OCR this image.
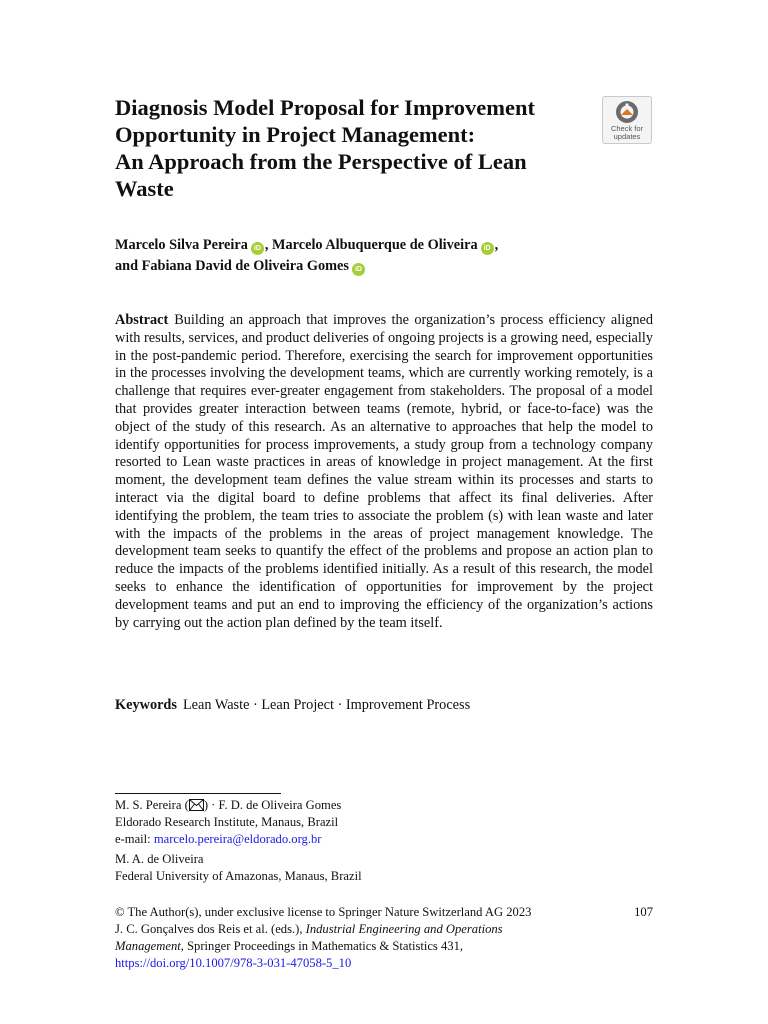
Diagnosis Model Proposal for Improvement
Opportunity in Project Management:
An Approach from the Perspective of Lean
Waste
Check for
updates
Marcelo Silva Pereira iD , Marcelo Albuquerque de Oliveira iD ,
and Fabiana David de Oliveira Gomes iD

Abstract Building an approach that improves the organization’s process efficiency aligned with results, services, and product deliveries of ongoing projects is a growing need, especially in the post-pandemic period. Therefore, exercising the search for improvement opportunities in the processes involving the development teams, which are currently working remotely, is a challenge that requires ever-greater engagement from stakeholders. The proposal of a model that provides greater interaction between teams (remote, hybrid, or face-to-face) was the object of the study of this research. As an alternative to approaches that help the model to identify opportunities for process improvements, a study group from a technology company resorted to Lean waste practices in areas of knowledge in project management. At the first moment, the development team defines the value stream within its processes and starts to interact via the digital board to define problems that affect its final deliveries. After identifying the problem, the team tries to associate the problem (s) with lean waste and later with the impacts of the problems in the areas of project management knowledge. The development team seeks to quantify the effect of the problems and propose an action plan to reduce the impacts of the problems identified initially. As a result of this research, the model seeks to enhance the identification of opportunities for improvement by the project development teams and put an end to improving the efficiency of the organization’s actions by carrying out the action plan defined by the team itself.

Keywords Lean Waste · Lean Project · Improvement Process
M. S. Pereira ( ) · F. D. de Oliveira Gomes
Eldorado Research Institute, Manaus, Brazil
e-mail: marcelo.pereira@eldorado.org.br
M. A. de Oliveira
Federal University of Amazonas, Manaus, Brazil
© The Author(s), under exclusive license to Springer Nature Switzerland AG 2023
J. C. Gonçalves dos Reis et al. (eds.), Industrial Engineering and Operations
Management, Springer Proceedings in Mathematics & Statistics 431,
https://doi.org/10.1007/978-3-031-47058-5_10
107
